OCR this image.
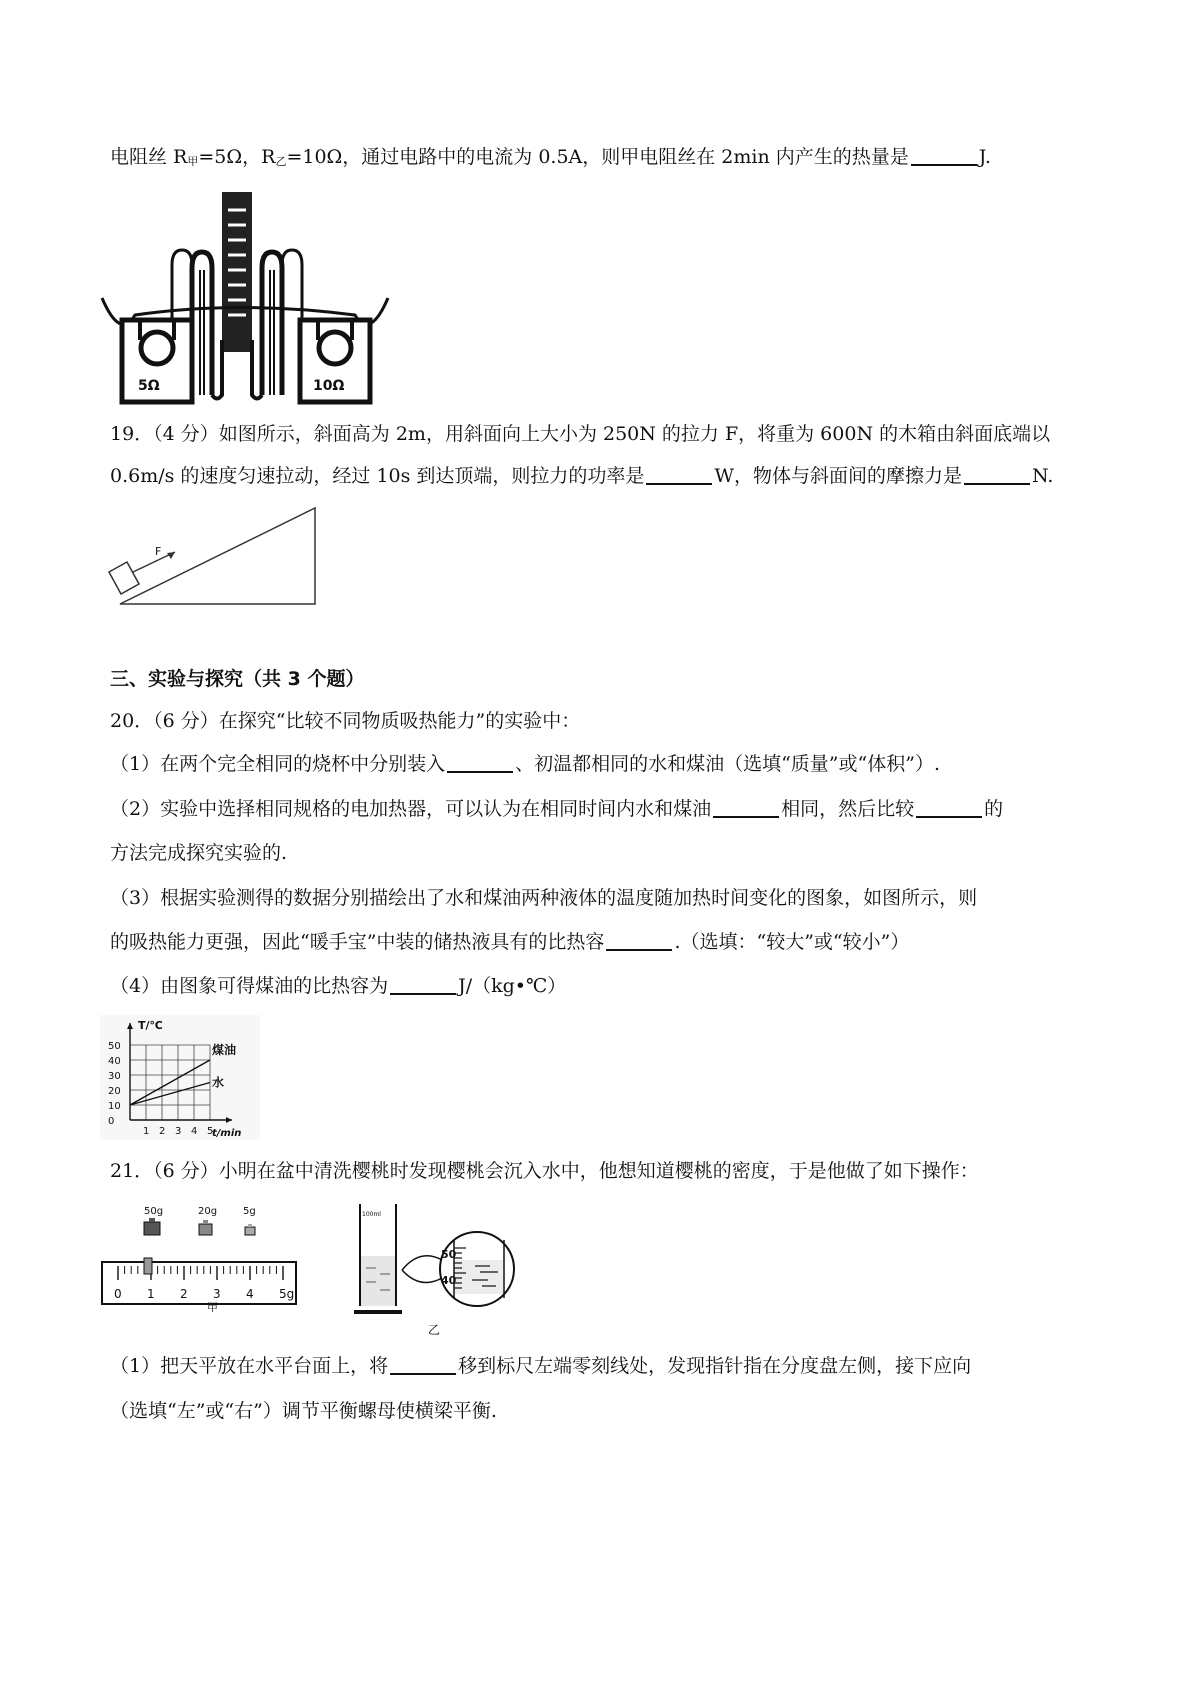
电阻丝 $R_甲=5\Omega$，$R_乙=10\Omega$，通过电路中的电流为 0.5A，则甲电阻丝在 2min 内产生的热量是	J.
5Ω	10Ω
19．（4 分）如图所示，斜面高为 2m，用斜面向上大小为 250N 的拉力 F，将重为 600N 的木箱由斜面底端以
0.6m/s 的速度匀速拉动，经过 10s 到达顶端，则拉力的功率是	W，物体与斜面间的摩擦力是	N.
F
三、实验与探究（共 3 个题）
20．（6 分）在探究“比较不同物质吸热能力”的实验中：
（1）在两个完全相同的烧杯中分别装入	、初温都相同的水和煤油（选填“质量”或“体积”）.
（2）实验中选择相同规格的电加热器，可以认为在相同时间内水和煤油	相同，然后比较	的
方法完成探究实验的.
（3）根据实验测得的数据分别描绘出了水和煤油两种液体的温度随加热时间变化的图象，如图所示，则
的吸热能力更强，因此“暖手宝”中装的储热液具有的比热容	.（选填：“较大”或“较小”）
（4）由图象可得煤油的比热容为	J/（kg•℃）
煤油
水
1 2 3 4 5
0
10
20
30
40
50
T/℃
t/min
21．（6 分）小明在盆中清洗樱桃时发现樱桃会沉入水中，他想知道樱桃的密度，于是他做了如下操作：
50g	20g	5g
0 1 2 3 4 5g
甲
100ml
50
40
乙
（1）把天平放在水平台面上，将	移到标尺左端零刻线处，发现指针指在分度盘左侧，接下应向
（选填“左”或“右”）调节平衡螺母使横梁平衡.
